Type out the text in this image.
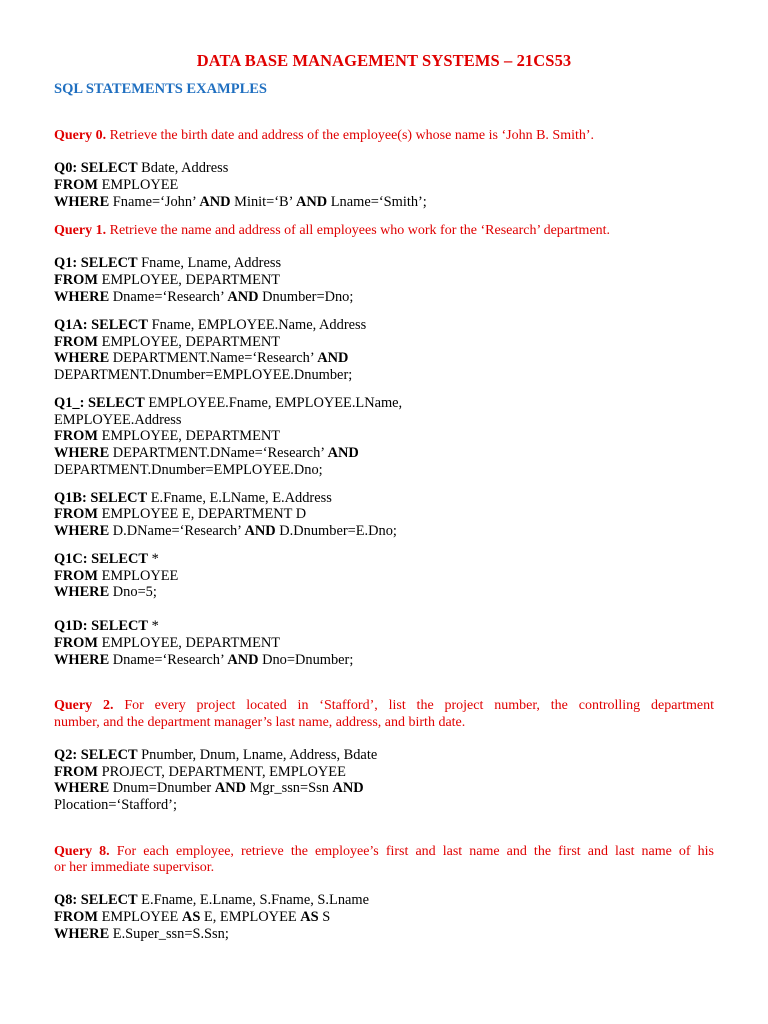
DATA BASE MANAGEMENT SYSTEMS – 21CS53
SQL STATEMENTS EXAMPLES
Query 0. Retrieve the birth date and address of the employee(s) whose name is ‘John B. Smith’.
Q0: SELECT Bdate, Address
FROM EMPLOYEE
WHERE Fname=‘John’ AND Minit=‘B’ AND Lname=‘Smith’;
Query 1. Retrieve the name and address of all employees who work for the ‘Research’ department.
Q1: SELECT Fname, Lname, Address
FROM EMPLOYEE, DEPARTMENT
WHERE Dname=‘Research’ AND Dnumber=Dno;
Q1A: SELECT Fname, EMPLOYEE.Name, Address
FROM EMPLOYEE, DEPARTMENT
WHERE DEPARTMENT.Name=‘Research’ AND
DEPARTMENT.Dnumber=EMPLOYEE.Dnumber;
Q1_: SELECT EMPLOYEE.Fname, EMPLOYEE.LName,
EMPLOYEE.Address
FROM EMPLOYEE, DEPARTMENT
WHERE DEPARTMENT.DName=‘Research’ AND
DEPARTMENT.Dnumber=EMPLOYEE.Dno;
Q1B: SELECT E.Fname, E.LName, E.Address
FROM EMPLOYEE E, DEPARTMENT D
WHERE D.DName=‘Research’ AND D.Dnumber=E.Dno;
Q1C: SELECT *
FROM EMPLOYEE
WHERE Dno=5;
Q1D: SELECT *
FROM EMPLOYEE, DEPARTMENT
WHERE Dname=‘Research’ AND Dno=Dnumber;
Query 2. For every project located in ‘Stafford’, list the project number, the controlling department
number, and the department manager’s last name, address, and birth date.
Q2: SELECT Pnumber, Dnum, Lname, Address, Bdate
FROM PROJECT, DEPARTMENT, EMPLOYEE
WHERE Dnum=Dnumber AND Mgr_ssn=Ssn AND
Plocation=‘Stafford’;
Query 8. For each employee, retrieve the employee’s first and last name and the first and last name of his
or her immediate supervisor.
Q8: SELECT E.Fname, E.Lname, S.Fname, S.Lname
FROM EMPLOYEE AS E, EMPLOYEE AS S
WHERE E.Super_ssn=S.Ssn;
